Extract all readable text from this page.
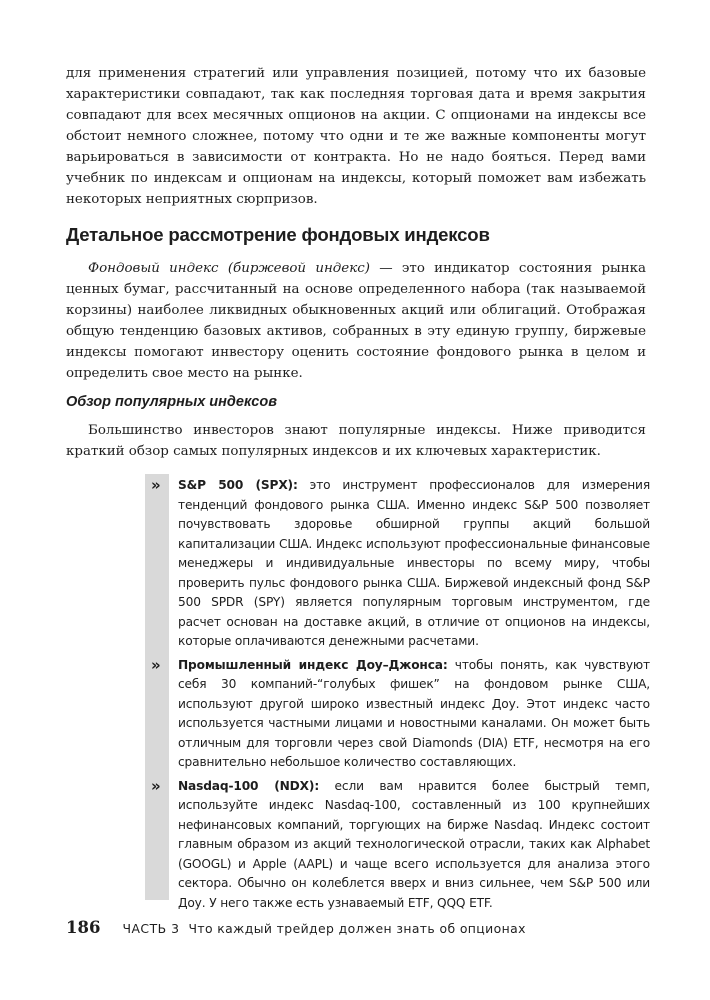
для применения стратегий или управления позицией, потому что их базовые характеристики совпадают, так как последняя торговая дата и время закрытия совпадают для всех месячных опционов на акции. С опционами на индексы все обстоит немного сложнее, потому что одни и те же важные компоненты могут варьироваться в зависимости от контракта. Но не надо бояться. Перед вами учебник по индексам и опционам на индексы, который поможет вам избежать некоторых неприятных сюрпризов.

Детальное рассмотрение фондовых индексов

Фондовый индекс (биржевой индекс) — это индикатор состояния рынка ценных бумаг, рассчитанный на основе определенного набора (так называемой корзины) наиболее ликвидных обыкновенных акций или облигаций. Отображая общую тенденцию базовых активов, собранных в эту единую группу, биржевые индексы помогают инвестору оценить состояние фондового рынка в целом и определить свое место на рынке.

Обзор популярных индексов

Большинство инвесторов знают популярные индексы. Ниже приводится краткий обзор самых популярных индексов и их ключевых характеристик.

» S&P 500 (SPX): это инструмент профессионалов для измерения тенденций фондового рынка США. Именно индекс S&P 500 позволяет почувствовать здоровье обширной группы акций большой капитализации США. Индекс используют профессиональные финансовые менеджеры и индивидуальные инвесторы по всему миру, чтобы проверить пульс фондового рынка США. Биржевой индексный фонд S&P 500 SPDR (SPY) является популярным торговым инструментом, где расчет основан на доставке акций, в отличие от опционов на индексы, которые оплачиваются денежными расчетами.
» Промышленный индекс Доу–Джонса: чтобы понять, как чувствуют себя 30 компаний-“голубых фишек” на фондовом рынке США, используют другой широко известный индекс Доу. Этот индекс часто используется частными лицами и новостными каналами. Он может быть отличным для торговли через свой Diamonds (DIA) ETF, несмотря на его сравнительно небольшое количество составляющих.
» Nasdaq-100 (NDX): если вам нравится более быстрый темп, используйте индекс Nasdaq-100, составленный из 100 крупнейших нефинансовых компаний, торгующих на бирже Nasdaq. Индекс состоит главным образом из акций технологической отрасли, таких как Alphabet (GOOGL) и Apple (AAPL) и чаще всего используется для анализа этого сектора. Обычно он колеблется вверх и вниз сильнее, чем S&P 500 или Доу. У него также есть узнаваемый ETF, QQQ ETF.
186 ЧАСТЬ 3 Что каждый трейдер должен знать об опционах
